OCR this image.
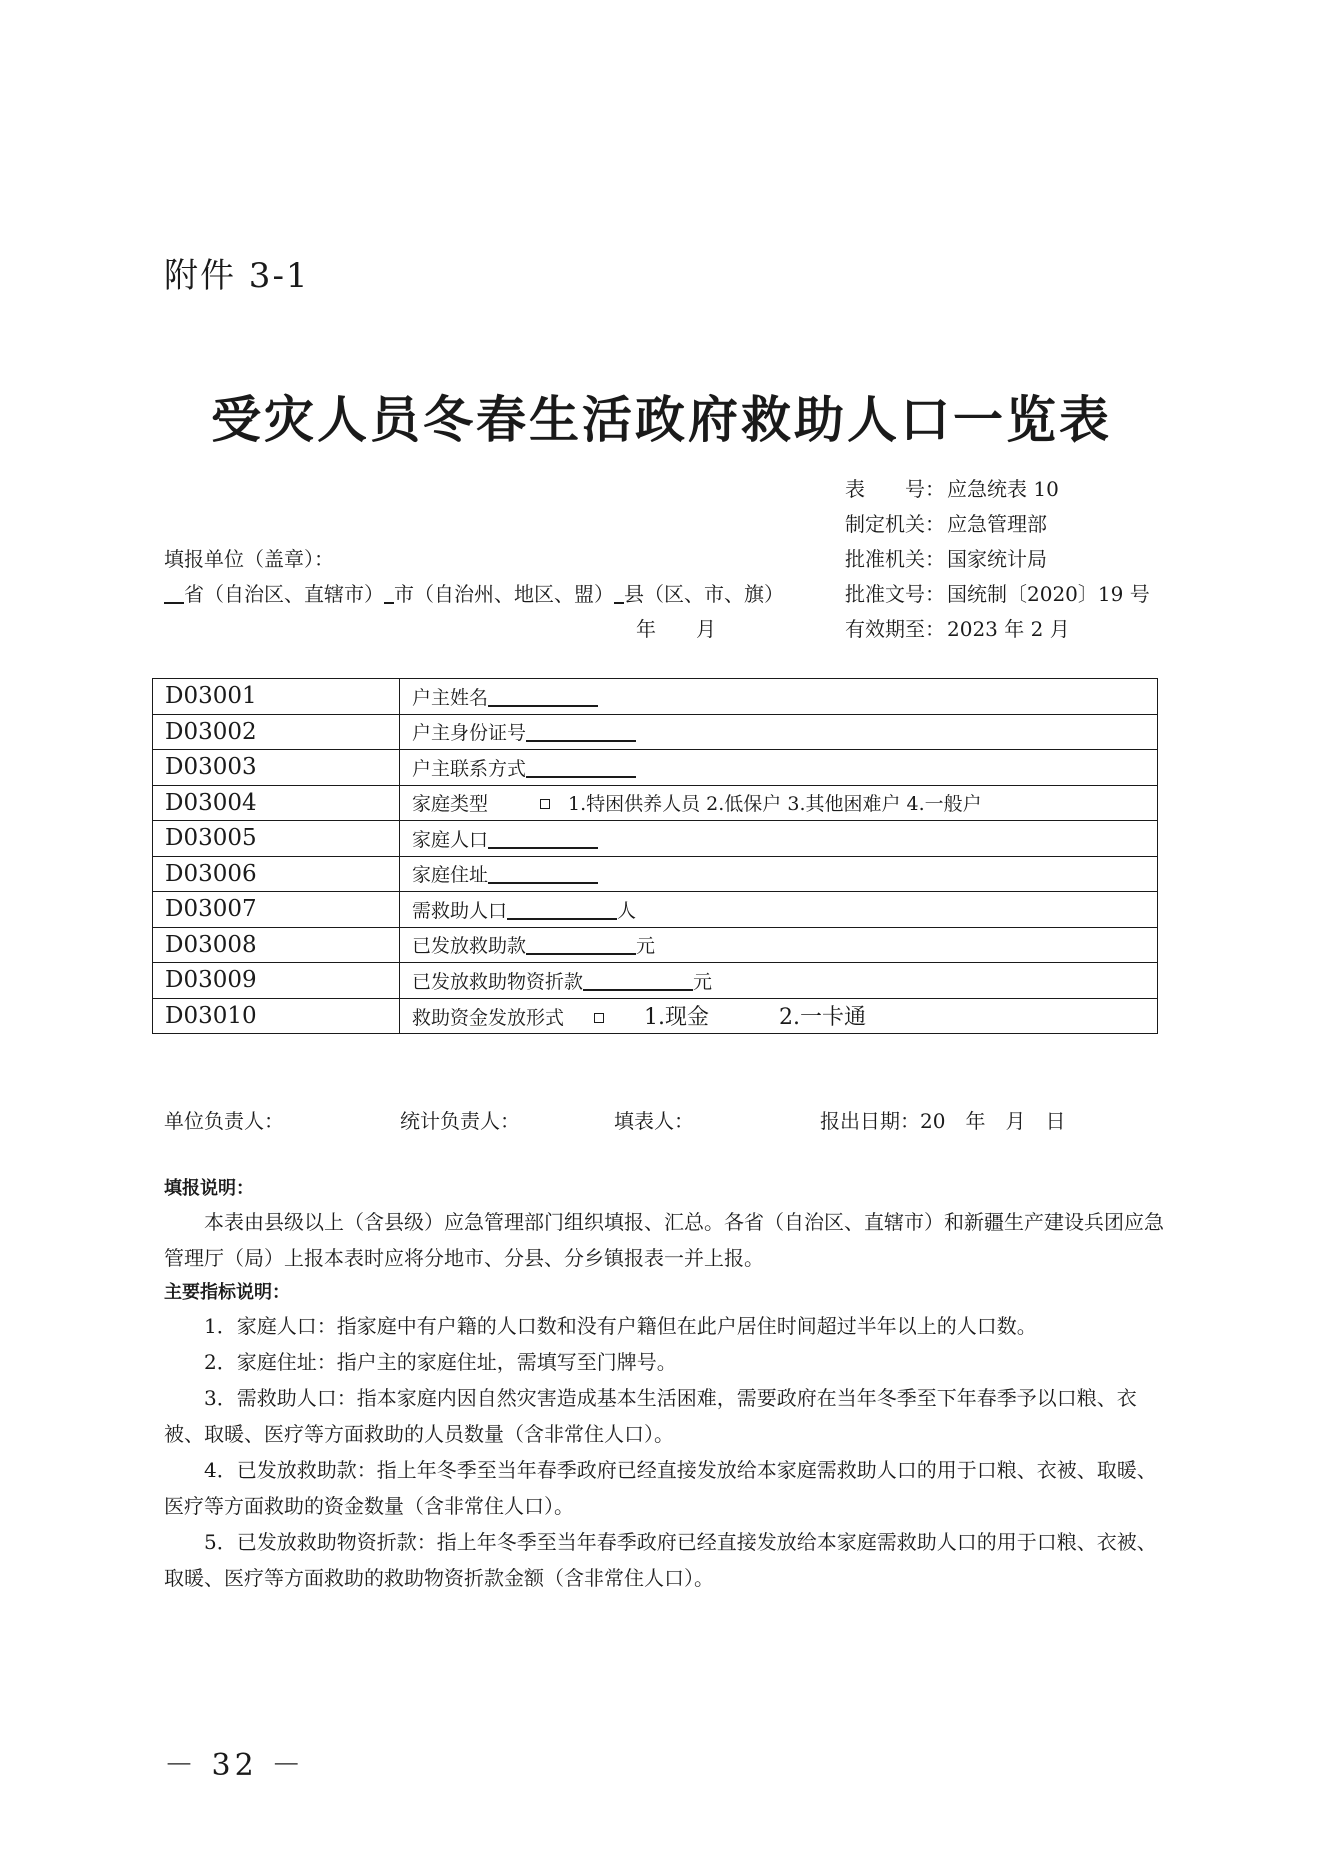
附件 3-1
受灾人员冬春生活政府救助人口一览表
表　　号： 应急统表 10
制定机关： 应急管理部
批准机关： 国家统计局
批准文号： 国统制〔2020〕19 号
有效期至： 2023 年 2 月
填报单位（盖章）：
省（自治区、直辖市） 市（自治州、地区、盟） 县（区、市、旗）
年　　月
D03001	户主姓名
D03002	户主身份证号
D03003	户主联系方式
D03004	家庭类型 1.特困供养人员 2.低保户 3.其他困难户 4.一般户
D03005	家庭人口
D03006	家庭住址
D03007	需救助人口 人
D03008	已发放救助款 元
D03009	已发放救助物资折款 元
D03010	救助资金发放形式 1.现金 2.一卡通
单位负责人：	统计负责人：	填表人：	报出日期：20　年　月　日
填报说明：
本表由县级以上（含县级）应急管理部门组织填报、汇总。各省（自治区、直辖市）和新疆生产建设兵团应急管理厅（局）上报本表时应将分地市、分县、分乡镇报表一并上报。
主要指标说明：
1．家庭人口：指家庭中有户籍的人口数和没有户籍但在此户居住时间超过半年以上的人口数。
2．家庭住址：指户主的家庭住址，需填写至门牌号。
3．需救助人口：指本家庭内因自然灾害造成基本生活困难，需要政府在当年冬季至下年春季予以口粮、衣被、取暖、医疗等方面救助的人员数量（含非常住人口）。
4．已发放救助款：指上年冬季至当年春季政府已经直接发放给本家庭需救助人口的用于口粮、衣被、取暖、医疗等方面救助的资金数量（含非常住人口）。
5．已发放救助物资折款：指上年冬季至当年春季政府已经直接发放给本家庭需救助人口的用于口粮、衣被、取暖、医疗等方面救助的救助物资折款金额（含非常住人口）。
－ 32 －
